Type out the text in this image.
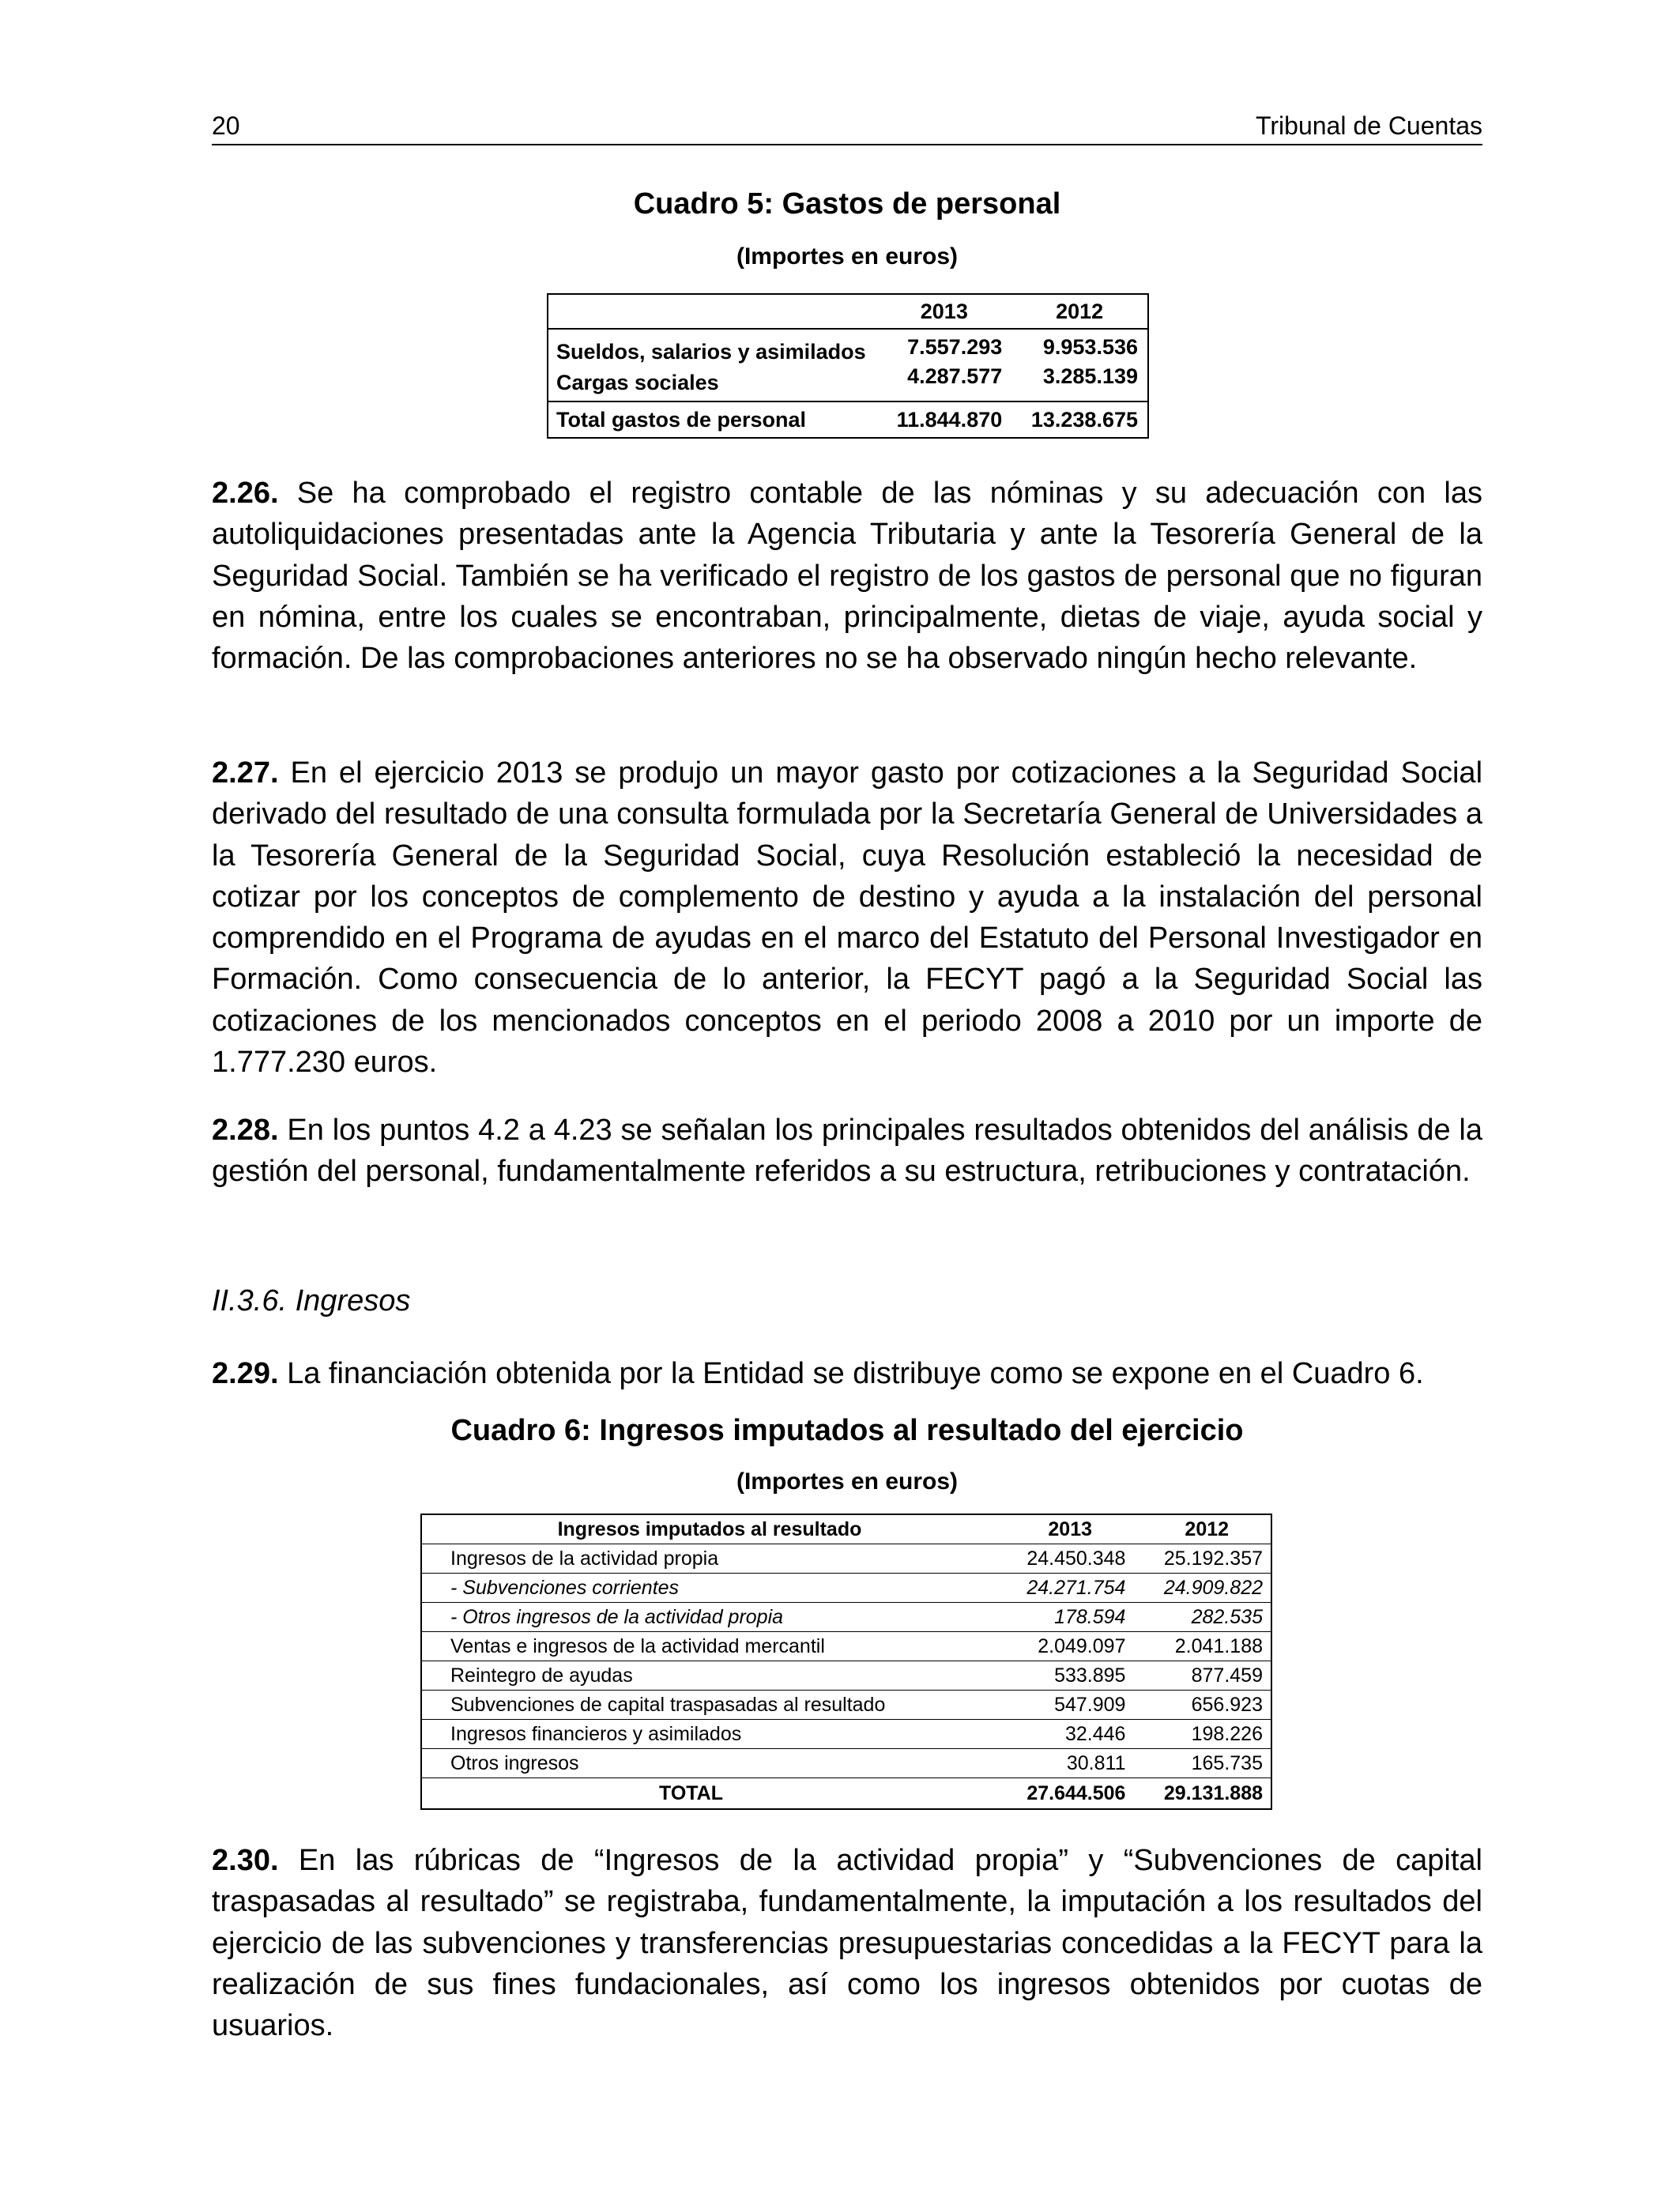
20	Tribunal de Cuentas
Cuadro 5: Gastos de personal
(Importes en euros)
	2013	2012
Sueldos, salarios y asimilados	7.557.293	9.953.536
Cargas sociales	4.287.577	3.285.139
Total gastos de personal	11.844.870	13.238.675

2.26. Se ha comprobado el registro contable de las nóminas y su adecuación con las autoliquidaciones presentadas ante la Agencia Tributaria y ante la Tesorería General de la Seguridad Social. También se ha verificado el registro de los gastos de personal que no figuran en nómina, entre los cuales se encontraban, principalmente, dietas de viaje, ayuda social y formación. De las comprobaciones anteriores no se ha observado ningún hecho relevante.

2.27. En el ejercicio 2013 se produjo un mayor gasto por cotizaciones a la Seguridad Social derivado del resultado de una consulta formulada por la Secretaría General de Universidades a la Tesorería General de la Seguridad Social, cuya Resolución estableció la necesidad de cotizar por los conceptos de complemento de destino y ayuda a la instalación del personal comprendido en el Programa de ayudas en el marco del Estatuto del Personal Investigador en Formación. Como consecuencia de lo anterior, la FECYT pagó a la Seguridad Social las cotizaciones de los mencionados conceptos en el periodo 2008 a 2010 por un importe de 1.777.230 euros.

2.28. En los puntos 4.2 a 4.23 se señalan los principales resultados obtenidos del análisis de la gestión del personal, fundamentalmente referidos a su estructura, retribuciones y contratación.

II.3.6. Ingresos

2.29. La financiación obtenida por la Entidad se distribuye como se expone en el Cuadro 6.

Cuadro 6: Ingresos imputados al resultado del ejercicio
(Importes en euros)
Ingresos imputados al resultado	2013	2012
Ingresos de la actividad propia	24.450.348	25.192.357
- Subvenciones corrientes	24.271.754	24.909.822
- Otros ingresos de la actividad propia	178.594	282.535
Ventas e ingresos de la actividad mercantil	2.049.097	2.041.188
Reintegro de ayudas	533.895	877.459
Subvenciones de capital traspasadas al resultado	547.909	656.923
Ingresos financieros y asimilados	32.446	198.226
Otros ingresos	30.811	165.735
TOTAL	27.644.506	29.131.888

2.30. En las rúbricas de “Ingresos de la actividad propia” y “Subvenciones de capital traspasadas al resultado” se registraba, fundamentalmente, la imputación a los resultados del ejercicio de las subvenciones y transferencias presupuestarias concedidas a la FECYT para la realización de sus fines fundacionales, así como los ingresos obtenidos por cuotas de usuarios.
